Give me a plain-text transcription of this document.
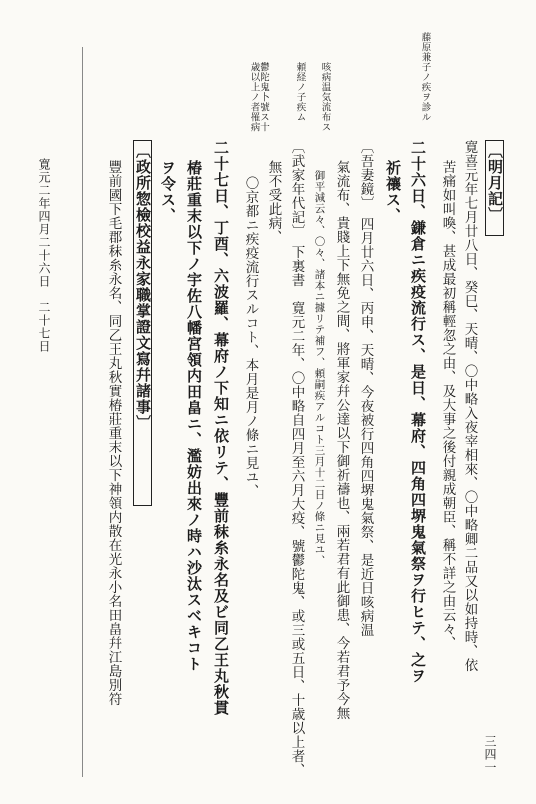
三四一
寛元二年四月二十六日　二十七日
藤原兼子ノ疾ヲ診ル
咳病温気流布ス
頼経ノ子疾ム
鬱陀鬼卜號ス十歳以上ノ者罹病
〔明月記〕
寛喜元年七月廿八日、癸巳、天晴、〇中略入夜宰相來、〇中略卿二品又以如持時、依
苦痛如叫喚、甚成最初稱輕忽之由、及大事之後付親成朝臣、稱不詳之由云々、
二十六日、鎌倉ニ疾疫流行ス、是日、幕府、四角四堺鬼氣祭ヲ行ヒテ、之ヲ
祈禳ス、
〔吾妻鏡〕　四月廿六日、丙申、天晴、今夜被行四角四堺鬼氣祭、是近日咳病温
氣流布、貴賤上下無免之間、將軍家幷公達以下御祈禱也、兩若君有此御患、今若君予今無
御平減云々、〇々、諸本ニ據リテ補フ、頼嗣疾アルコト三月十二日ノ條ニ見ユ、
〔武家年代記〕　下裏書　寛元二年、〇中略自四月至六月大疫、號鬱陀鬼、或三或五日、十歳以上者、
無不受此病、
〇京都ニ疾疫流行スルコト、本月是月ノ條ニ見ユ、
二十七日、丁酉、六波羅、幕府ノ下知ニ依リテ、豐前秣糸永名及ビ同乙王丸秋貫
椿莊重末以下ノ宇佐八幡宮領内田畠ニ、濫妨出來ノ時ハ沙汰スベキコト
ヲ令ス、
〔政所惣檢校益永家職掌證文寫幷諸事〕
豐前國下毛郡秣糸永名、同乙王丸秋實椿莊重末以下神領内散在光永小名田畠幷江島別符
